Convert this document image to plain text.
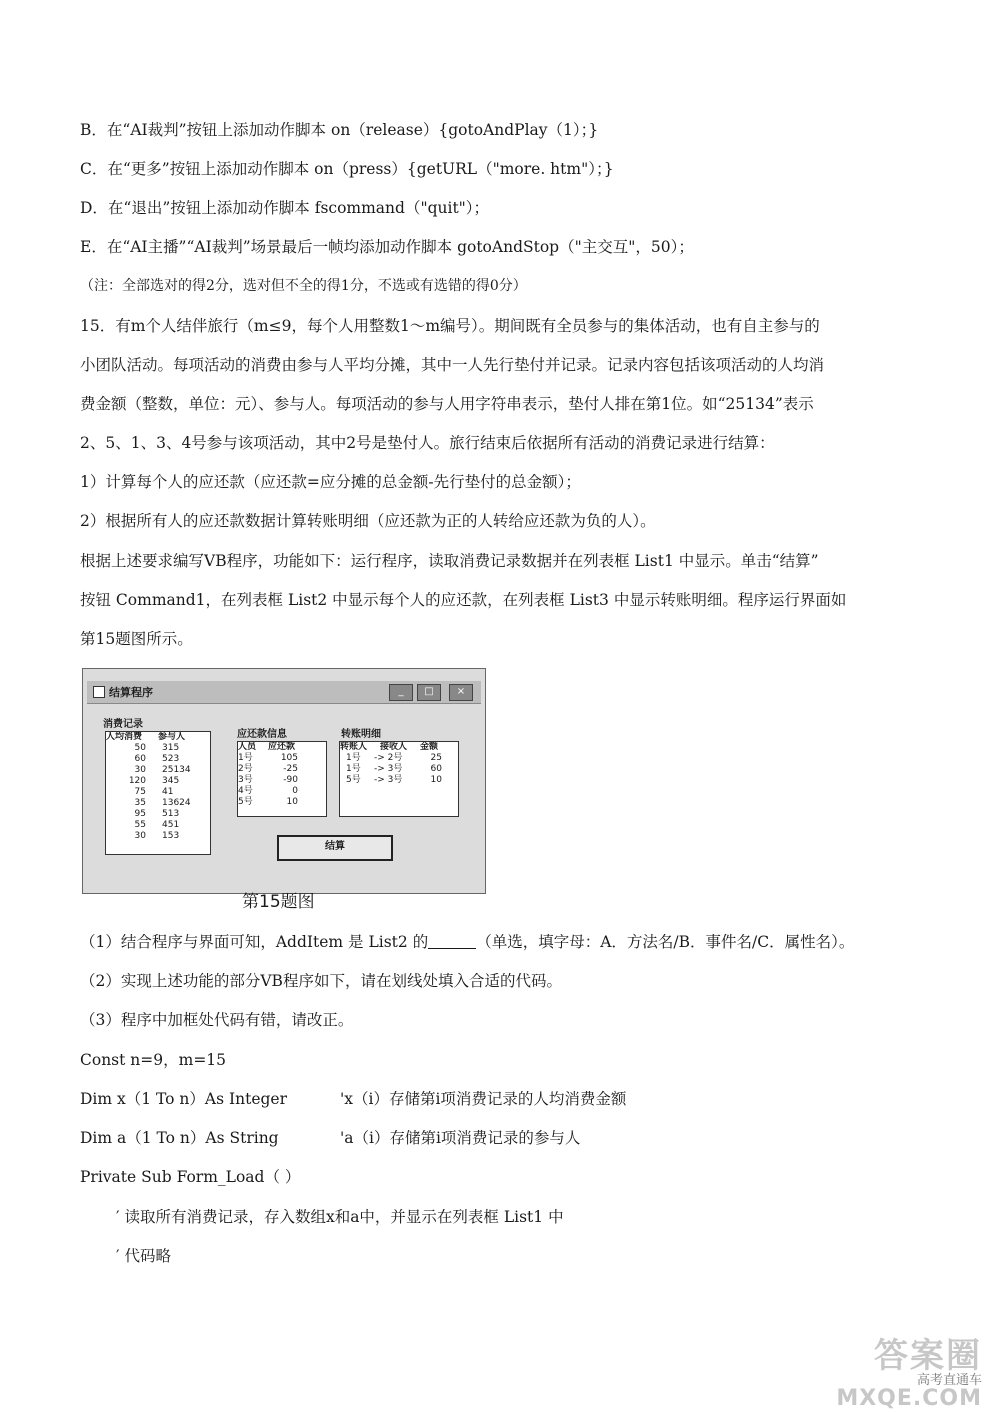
B．在“AI裁判”按钮上添加动作脚本 on（release）{gotoAndPlay（1）；}
C．在“更多”按钮上添加动作脚本 on（press）{getURL（"more. htm"）；}
D．在“退出”按钮上添加动作脚本 fscommand（"quit"）；
E．在“AI主播”“AI裁判”场景最后一帧均添加动作脚本 gotoAndStop（"主交互"，50）；
（注：全部选对的得2分，选对但不全的得1分，不选或有选错的得0分）
15．有m个人结伴旅行（m≤9，每个人用整数1～m编号）。期间既有全员参与的集体活动，也有自主参与的
小团队活动。每项活动的消费由参与人平均分摊，其中一人先行垫付并记录。记录内容包括该项活动的人均消
费金额（整数，单位：元）、参与人。每项活动的参与人用字符串表示，垫付人排在第1位。如“25134”表示
2、5、1、3、4号参与该项活动，其中2号是垫付人。旅行结束后依据所有活动的消费记录进行结算：
1）计算每个人的应还款（应还款=应分摊的总金额-先行垫付的总金额）；
2）根据所有人的应还款数据计算转账明细（应还款为正的人转给应还款为负的人）。
根据上述要求编写VB程序，功能如下：运行程序，读取消费记录数据并在列表框 List1 中显示。单击“结算”
按钮 Command1，在列表框 List2 中显示每个人的应还款，在列表框 List3 中显示转账明细。程序运行界面如
第15题图所示。
结算程序	_	□	×
消费记录
人均消费	参与人
50	315
60	523
30	25134
120	345
75	41
35	13624
95	513
55	451
30	153
应还款信息
人员	应还款
1号	105
2号	-25
3号	-90
4号	0
5号	10
转账明细
转账人	接收人	金额
1号	-> 2号	25
1号	-> 3号	60
5号	-> 3号	10
结算
第15题图
（1）结合程序与界面可知，AddItem 是 List2 的	（单选，填字母：A．方法名/B．事件名/C．属性名）。
（2）实现上述功能的部分VB程序如下，请在划线处填入合适的代码。
（3）程序中加框处代码有错，请改正。
Const n=9，m=15
Dim x（1 To n）As Integer	'x（i）存储第i项消费记录的人均消费金额
Dim a（1 To n）As String	'a（i）存储第i项消费记录的参与人
Private Sub Form_Load（ ）
′ 读取所有消费记录，存入数组x和a中，并显示在列表框 List1 中
′ 代码略
答案圈
高考直通车
MXQE.COM
